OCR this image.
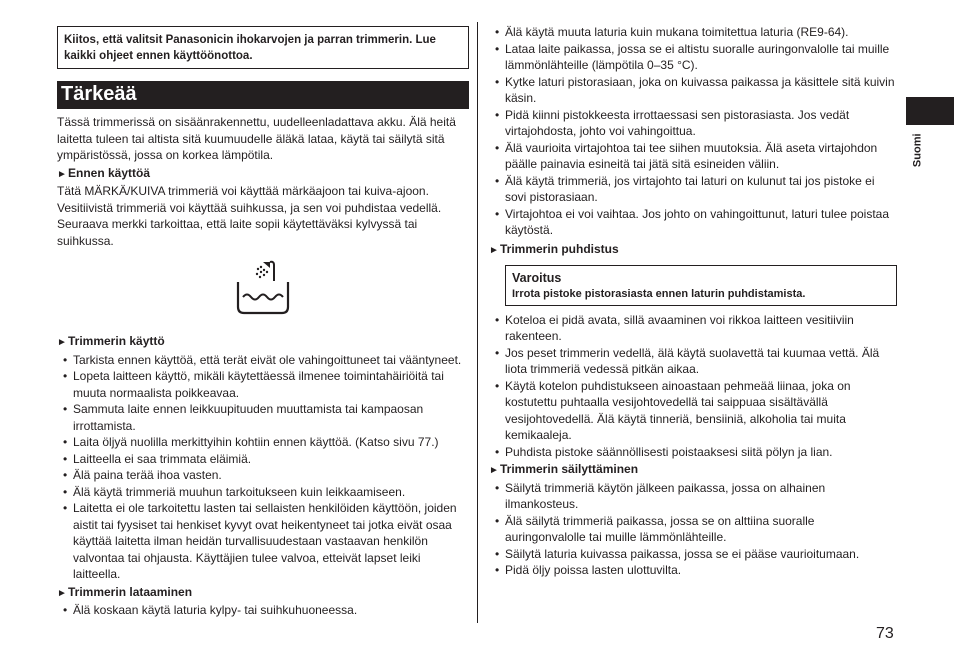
Kiitos, että valitsit Panasonicin ihokarvojen ja parran trimmerin. Lue kaikki ohjeet ennen käyttöönottoa.

Tärkeää

Tässä trimmerissä on sisäänrakennettu, uudelleenladattava akku. Älä heitä laitetta tuleen tai altista sitä kuumuudelle äläkä lataa, käytä tai säilytä sitä ympäristössä, jossa on korkea lämpötila.

►Ennen käyttöä

Tätä MÄRKÄ/KUIVA trimmeriä voi käyttää märkäajoon tai kuiva-ajoon. Vesitiivistä trimmeriä voi käyttää suihkussa, ja sen voi puhdistaa vedellä. Seuraava merkki tarkoittaa, että laite sopii käytettäväksi kylvyssä tai suihkussa.

►Trimmerin käyttö

• Tarkista ennen käyttöä, että terät eivät ole vahingoittuneet tai vääntyneet.
• Lopeta laitteen käyttö, mikäli käytettäessä ilmenee toimintahäiriöitä tai muuta normaalista poikkeavaa.
• Sammuta laite ennen leikkuupituuden muuttamista tai kampaosan irrottamista.
• Laita öljyä nuolilla merkittyihin kohtiin ennen käyttöä. (Katso sivu 77.)
• Laitteella ei saa trimmata eläimiä.
• Älä paina terää ihoa vasten.
• Älä käytä trimmeriä muuhun tarkoitukseen kuin leikkaamiseen.
• Laitetta ei ole tarkoitettu lasten tai sellaisten henkilöiden käyttöön, joiden aistit tai fyysiset tai henkiset kyvyt ovat heikentyneet tai jotka eivät osaa käyttää laitetta ilman heidän turvallisuudestaan vastaavan henkilön valvontaa tai ohjausta. Käyttäjien tulee valvoa, etteivät lapset leiki laitteella.

►Trimmerin lataaminen

• Älä koskaan käytä laturia kylpy- tai suihkuhuoneessa.
• Älä käytä muuta laturia kuin mukana toimitettua laturia (RE9-64).
• Lataa laite paikassa, jossa se ei altistu suoralle auringonvalolle tai muille lämmönlähteille (lämpötila 0–35 °C).
• Kytke laturi pistorasiaan, joka on kuivassa paikassa ja käsittele sitä kuivin käsin.
• Pidä kiinni pistokkeesta irrottaessasi sen pistorasiasta. Jos vedät virtajohdosta, johto voi vahingoittua.
• Älä vaurioita virtajohtoa tai tee siihen muutoksia. Älä aseta virtajohdon päälle painavia esineitä tai jätä sitä esineiden väliin.
• Älä käytä trimmeriä, jos virtajohto tai laturi on kulunut tai jos pistoke ei sovi pistorasiaan.
• Virtajohtoa ei voi vaihtaa. Jos johto on vahingoittunut, laturi tulee poistaa käytöstä.

►Trimmerin puhdistus

Varoitus

Irrota pistoke pistorasiasta ennen laturin puhdistamista.

• Koteloa ei pidä avata, sillä avaaminen voi rikkoa laitteen vesitiiviin rakenteen.
• Jos peset trimmerin vedellä, älä käytä suolavettä tai kuumaa vettä. Älä liota trimmeriä vedessä pitkän aikaa.
• Käytä kotelon puhdistukseen ainoastaan pehmeää liinaa, joka on kostutettu puhtaalla vesijohtovedellä tai saippuaa sisältävällä vesijohtovedellä. Älä käytä tinneriä, bensiiniä, alkoholia tai muita kemikaaleja.
• Puhdista pistoke säännöllisesti poistaaksesi siitä pölyn ja lian.

►Trimmerin säilyttäminen

• Säilytä trimmeriä käytön jälkeen paikassa, jossa on alhainen ilmankosteus.
• Älä säilytä trimmeriä paikassa, jossa se on alttiina suoralle auringonvalolle tai muille lämmönlähteille.
• Säilytä laturia kuivassa paikassa, jossa se ei pääse vaurioitumaan.
• Pidä öljy poissa lasten ulottuvilta.
Suomi
73
